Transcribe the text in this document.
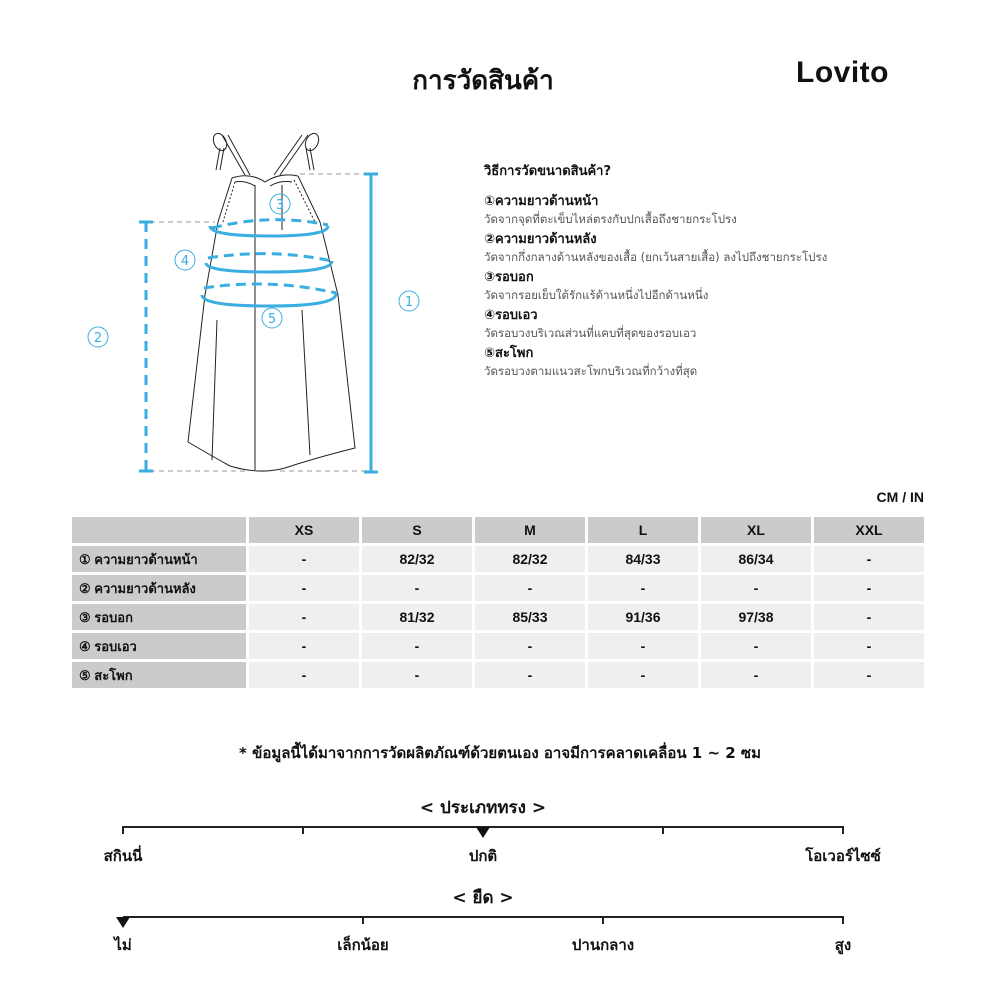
การวัดสินค้า	Lovito
1
2
3
4
5
วิธีการวัดขนาดสินค้า?
①ความยาวด้านหน้า
วัดจากจุดที่ตะเข็บไหล่ตรงกับปกเสื้อถึงชายกระโปรง
②ความยาวด้านหลัง
วัดจากกึ่งกลางด้านหลังของเสื้อ (ยกเว้นสายเสื้อ) ลงไปถึงชายกระโปรง
③รอบอก
วัดจากรอยเย็บใต้รักแร้ด้านหนึ่งไปอีกด้านหนึ่ง
④รอบเอว
วัดรอบวงบริเวณส่วนที่แคบที่สุดของรอบเอว
⑤สะโพก
วัดรอบวงตามแนวสะโพกบริเวณที่กว้างที่สุด
CM / IN
	XS	S	M	L	XL	XXL
① ความยาวด้านหน้า	-	82/32	82/32	84/33	86/34	-
② ความยาวด้านหลัง	-	-	-	-	-	-
③ รอบอก	-	81/32	85/33	91/36	97/38	-
④ รอบเอว	-	-	-	-	-	-
⑤ สะโพก	-	-	-	-	-	-
* ข้อมูลนี้ได้มาจากการวัดผลิตภัณฑ์ด้วยตนเอง อาจมีการคลาดเคลื่อน 1 ~ 2 ซม
< ประเภททรง >
สกินนี่	ปกติ	โอเวอร์ไซซ์
< ยืด >
ไม่	เล็กน้อย	ปานกลาง	สูง
